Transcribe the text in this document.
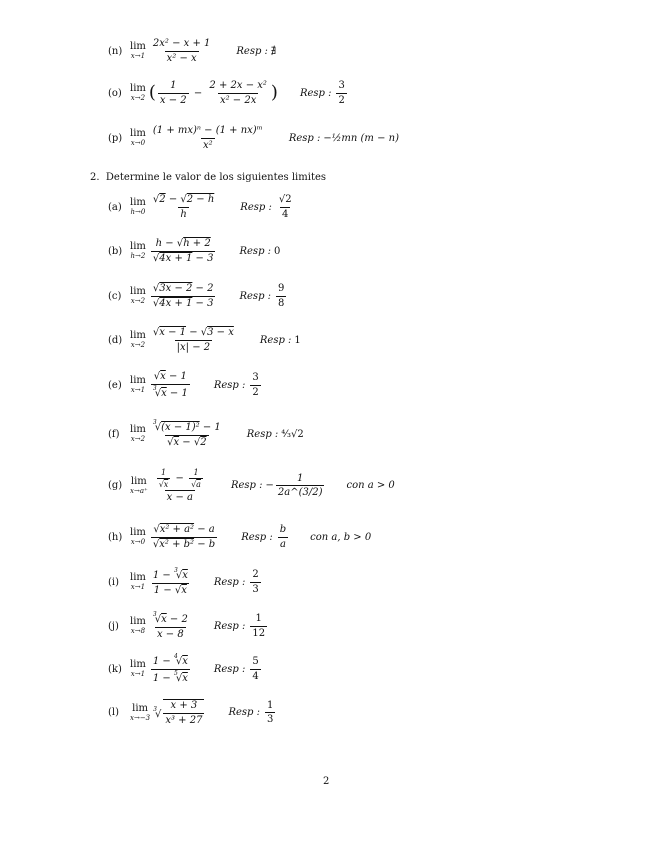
(n) lim
$x\to 1 \frac{\text{2x² − x + 1}}{\text{x² − x}}$ Resp : ∄
(o) lim
x→2 ( $\frac{1}{x - 2} - \frac{\text{2 + 2x − x²}}{\text{x² − 2x}}$ ) Resp : $\frac{3}{2}$
(p) lim
$x\to 0 \frac{\text{(1 + mx)ⁿ − (1 + nx)ᵐ}}{\text{x²}}$ Resp : −½mn (m − n)
2. Determine le valor de los siguientes limites
(a) lim
$h\to 0 \frac{√2 - √2 - h}{h}$ Resp : $\frac{√2}{4}$
(b) lim
$h\to 2 \frac{h - √h + 2}{√4x + 1 - 3}$ Resp : 0
(c) lim
$x\to 2 \frac{√3x - 2 - 2}{√4x + 1 - 3}$ Resp : $\frac{9}{8}$
(d) lim
$x\to 2 \frac{√x - 1 - √3 - x}{|x| - 2}$ Resp : 1
(e) lim
$x\to 1 \frac{√x - 1}{^3√x - 1}$ Resp : $\frac{3}{2}$
(f)	lim
$x\to 2 \frac{^3√(x - 1)^2 - 1}{√x - √2}$ Resp : ⁴⁄₃√2
(g) lim
$x\to a^+ \frac{\frac{1}{√x} - \frac{1}{√a}}{x - a}$ Resp : − $\frac{1}{2a\^{}(3/2)}$ con a > 0
(h) lim
$x\to 0 \frac{\text{√x² + a² − a}}{\text{√x² + b² − b}}$ Resp : $\frac{b}{a}$ con a, b > 0
(i)	lim
$x\to 1 \frac{1 - ^3√x}{1 - √x}$ Resp : $\frac{2}{3}$
(j)	lim
$x\to 8 \frac{^3√x - 2}{x - 8}$ Resp : $\frac{1}{12}$
(k) lim
$x\to 1 \frac{1 - ^4√x}{1 - ^5√x}$ Resp : $\frac{5}{4}$
(l)	lim
x→−3
$^3√ \frac{x + 3}{\text{x³ + 27}}$ Resp : $\frac{1}{3}$
2
